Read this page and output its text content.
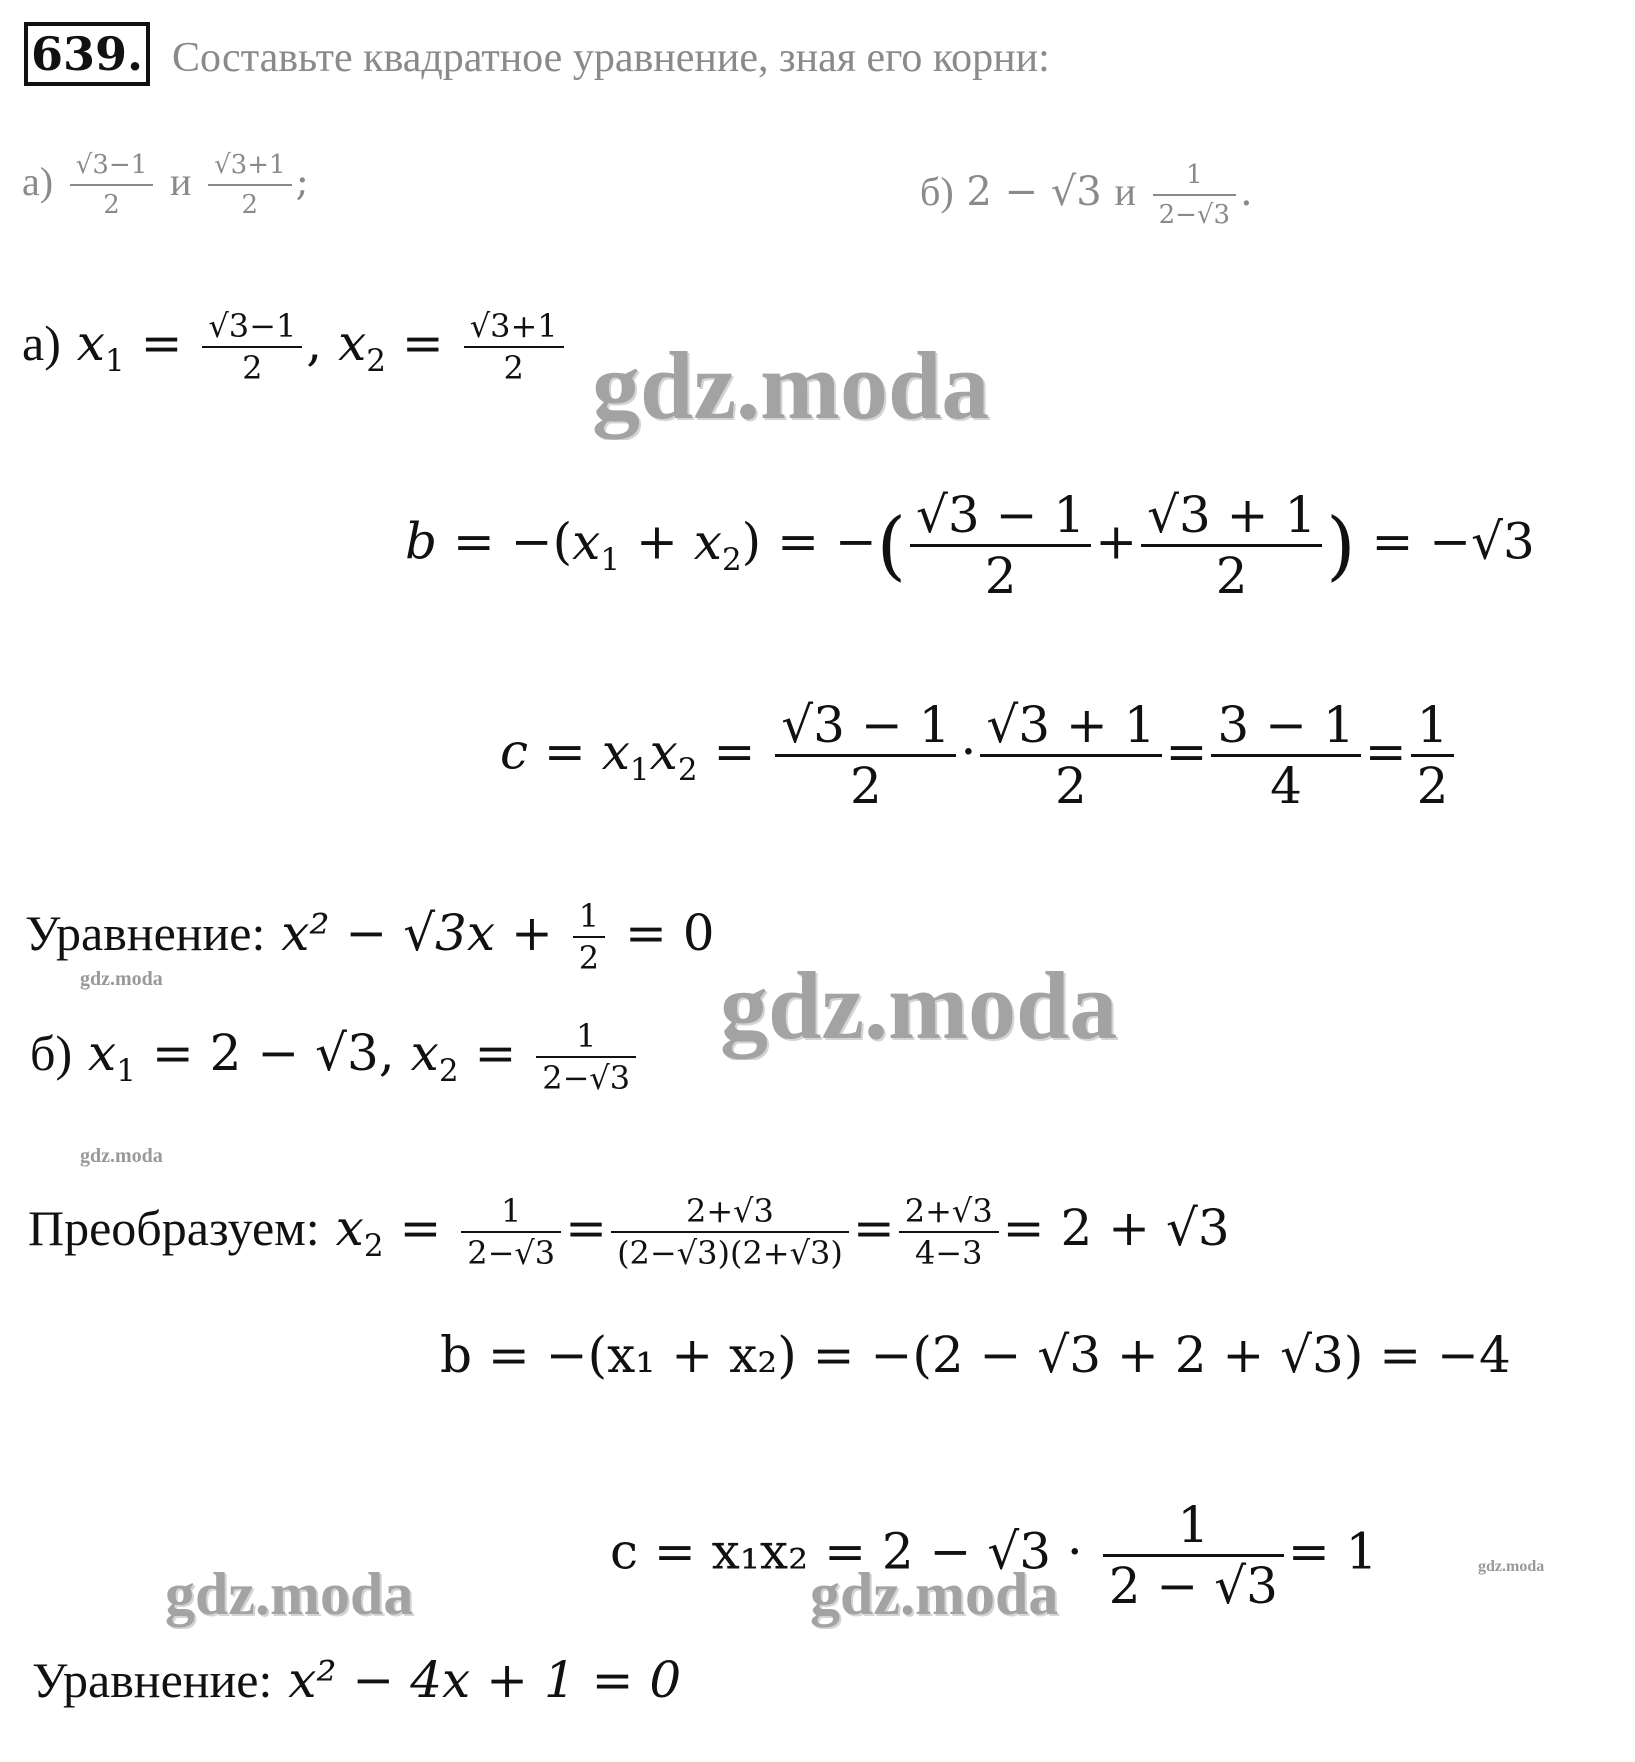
639. Составьте квадратное уравнение, зная его корни:
$а) \frac{√3-1}{2}$ и $\frac{√3+1}{2}$ ;	б) 2 − √3 и $\frac{1}{2-√3}$ .
а) $x_1 = \frac{√3-1}{2}$ , $x_2 = \frac{√3+1}{2}$ gdz.moda
$b = -(x_1 + x_2)$ = −( $\frac{√3 - 1}{2} + \frac{√3 + 1}{2}$ ) = −√3
$c = x_1x_2 = \frac{√3 - 1}{2} \cdot \frac{√3 + 1}{2} = \frac{3 - 1}{4} = \frac{1}{2}$
Уравнение: $x^2 - √3x + \frac{1}{2} = 0$
gdz.moda
б) $x_1 = 2 - √3$, $x_2 = \frac{1}{2-√3}$ gdz.moda
gdz.moda
Преобразуем: $x_2 = \frac{1}{2-√3} = \frac{2+√3}{(2-√3)(2+√3)} = \frac{2+√3}{4-3} = 2 + √3$
b = −(x₁ + x₂) = −(2 − √3 + 2 + √3) = −4
$c = x_1x_2 = 2 - √3 \cdot \frac{1}{2 - √3} = 1$
gdz.moda	gdz.moda	gdz.moda
Уравнение: x² − 4x + 1 = 0
